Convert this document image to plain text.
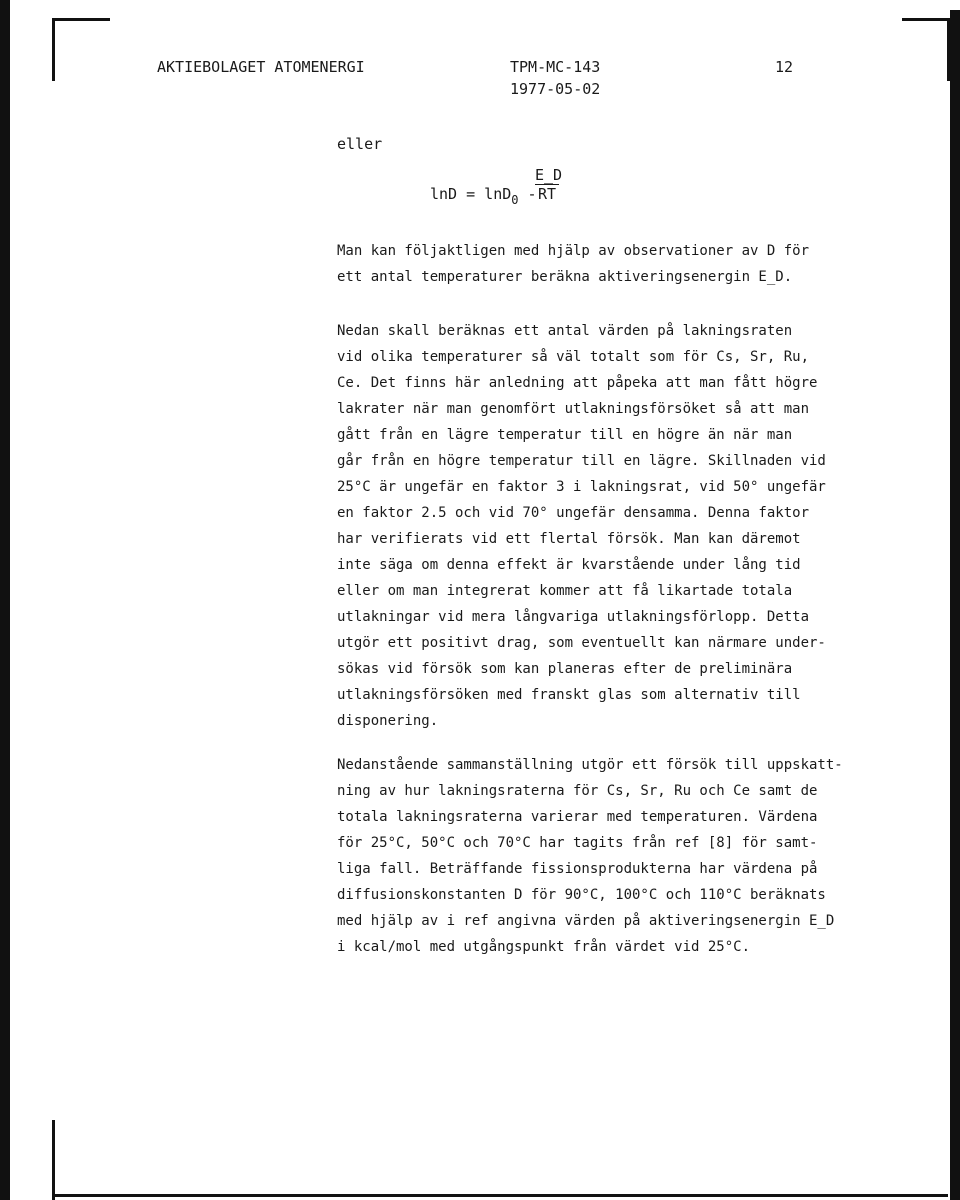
AKTIEBOLAGET ATOMENERGI	TPM-MC-143	12
1977-05-02
eller
lnD = lnD$_0$ -
E_D
RT

Man kan följaktligen med hjälp av observationer av D för
ett antal temperaturer beräkna aktiveringsenergin E_D.

Nedan skall beräknas ett antal värden på lakningsraten
vid olika temperaturer så väl totalt som för Cs, Sr, Ru,
Ce. Det finns här anledning att påpeka att man fått högre
lakrater när man genomfört utlakningsförsöket så att man
gått från en lägre temperatur till en högre än när man
går från en högre temperatur till en lägre. Skillnaden vid
25°C är ungefär en faktor 3 i lakningsrat, vid 50° ungefär
en faktor 2.5 och vid 70° ungefär densamma. Denna faktor
har verifierats vid ett flertal försök. Man kan däremot
inte säga om denna effekt är kvarstående under lång tid
eller om man integrerat kommer att få likartade totala
utlakningar vid mera långvariga utlakningsförlopp. Detta
utgör ett positivt drag, som eventuellt kan närmare under-
sökas vid försök som kan planeras efter de preliminära
utlakningsförsöken med franskt glas som alternativ till
disponering.

Nedanstående sammanställning utgör ett försök till uppskatt-
ning av hur lakningsraterna för Cs, Sr, Ru och Ce samt de
totala lakningsraterna varierar med temperaturen. Värdena
för 25°C, 50°C och 70°C har tagits från ref [8] för samt-
liga fall. Beträffande fissionsprodukterna har värdena på
diffusionskonstanten D för 90°C, 100°C och 110°C beräknats
med hjälp av i ref angivna värden på aktiveringsenergin E_D
i kcal/mol med utgångspunkt från värdet vid 25°C.
